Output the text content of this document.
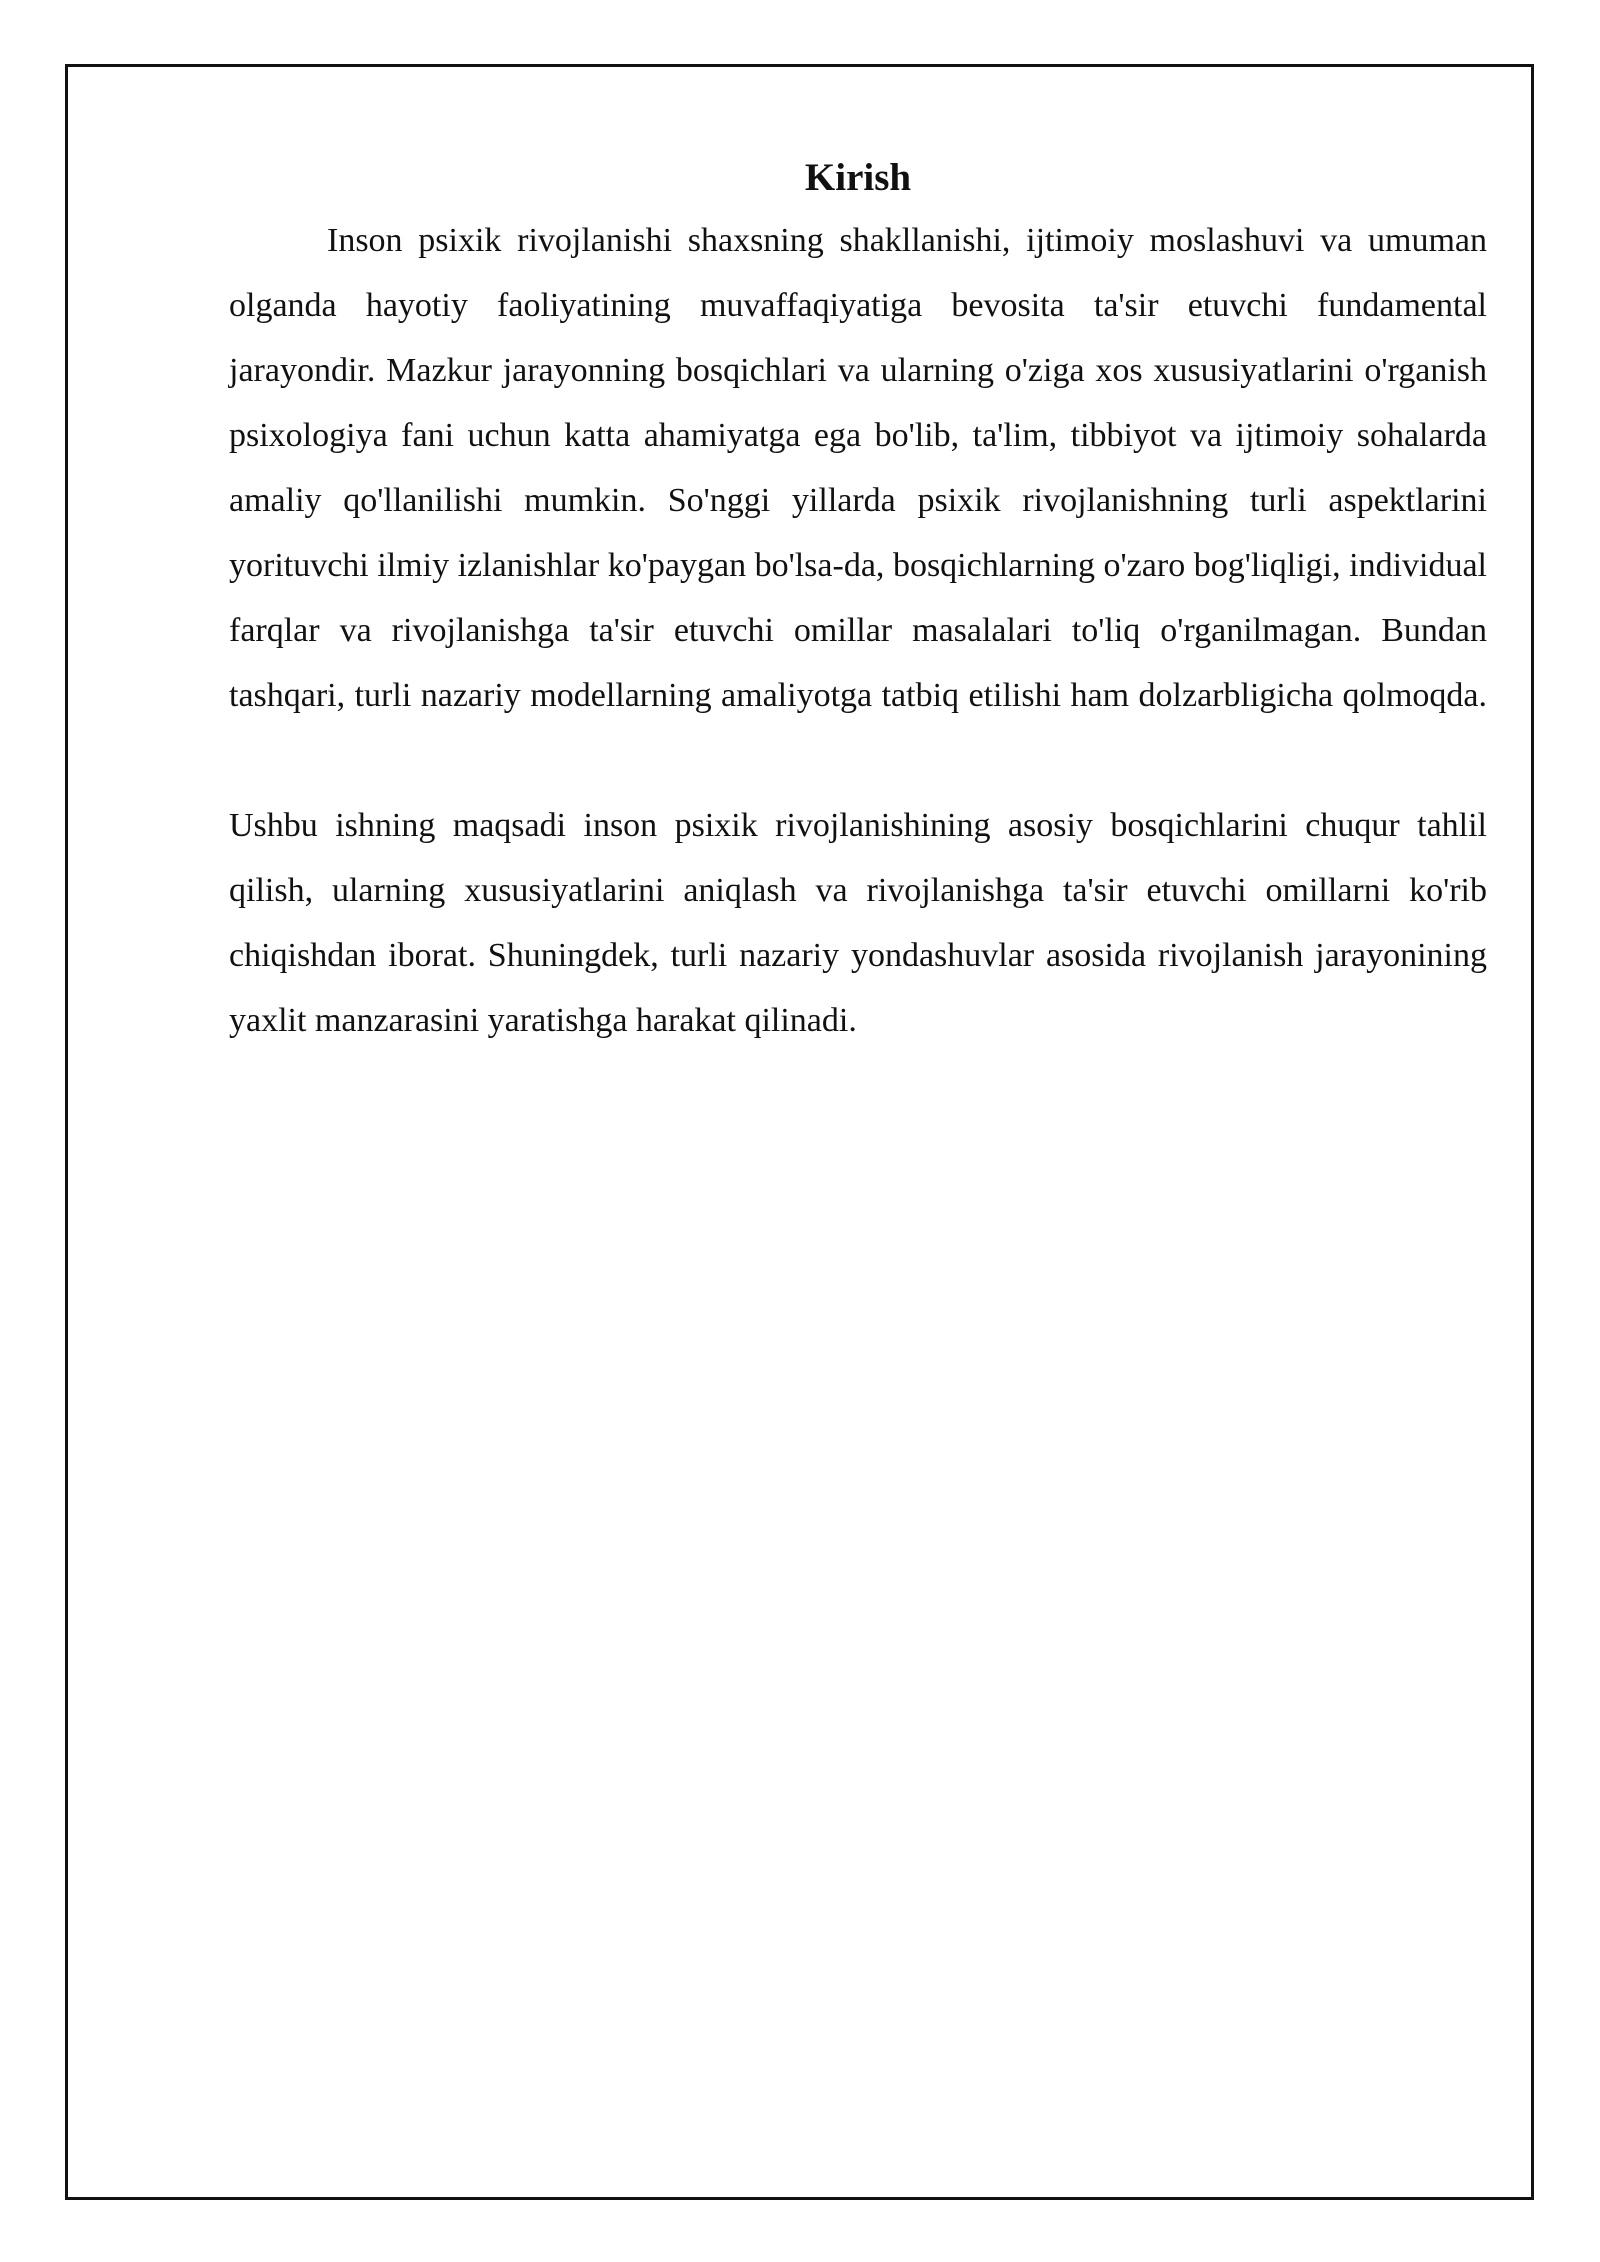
Kirish

Inson psixik rivojlanishi shaxsning shakllanishi, ijtimoiy moslashuvi va umuman olganda hayotiy faoliyatining muvaffaqiyatiga bevosita ta'sir etuvchi fundamental jarayondir. Mazkur jarayonning bosqichlari va ularning o'ziga xos xususiyatlarini o'rganish psixologiya fani uchun katta ahamiyatga ega bo'lib, ta'lim, tibbiyot va ijtimoiy sohalarda amaliy qo'llanilishi mumkin. So'nggi yillarda psixik rivojlanishning turli aspektlarini yorituvchi ilmiy izlanishlar ko'paygan bo'lsa-da, bosqichlarning o'zaro bog'liqligi, individual farqlar va rivojlanishga ta'sir etuvchi omillar masalalari to'liq o'rganilmagan. Bundan tashqari, turli nazariy modellarning amaliyotga tatbiq etilishi ham dolzarbligicha qolmoqda.

Ushbu ishning maqsadi inson psixik rivojlanishining asosiy bosqichlarini chuqur tahlil qilish, ularning xususiyatlarini aniqlash va rivojlanishga ta'sir etuvchi omillarni ko'rib chiqishdan iborat. Shuningdek, turli nazariy yondashuvlar asosida rivojlanish jarayonining yaxlit manzarasini yaratishga harakat qilinadi.
